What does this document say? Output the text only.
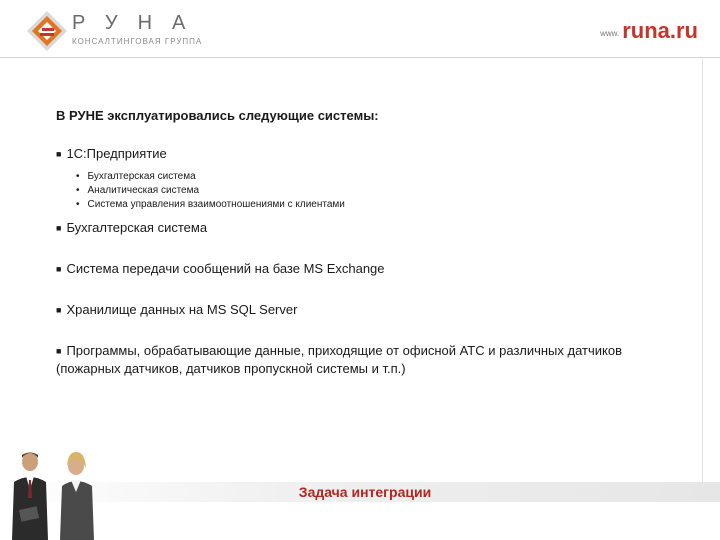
РУНА
КОНСАЛТИНГОВАЯ ГРУППА
www. runa.ru

В РУНЕ эксплуатировались следующие системы:

■ 1С:Предприятие

• Бухгалтерская система
• Аналитическая система
• Система управления взаимоотношениями с клиентами

■ Бухгалтерская система

■ Система передачи сообщений на базе MS Exchange

■ Хранилище данных на MS SQL Server

■ Программы, обрабатывающие данные, приходящие от офисной АТС и различных датчиков (пожарных датчиков, датчиков пропускной системы и т.п.)

Задача интеграции
